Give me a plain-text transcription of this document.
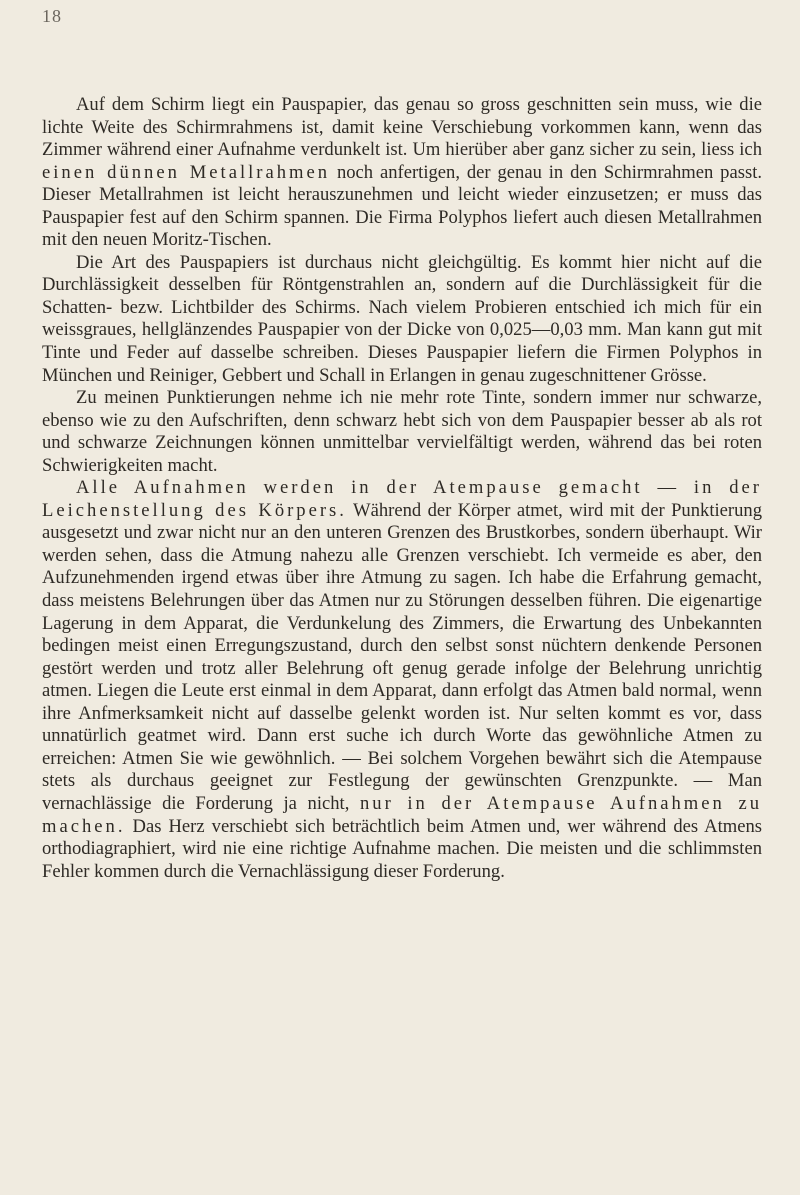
18

Auf dem Schirm liegt ein Pauspapier, das genau so gross geschnitten sein muss, wie die lichte Weite des Schirmrahmens ist, damit keine Verschiebung vorkommen kann, wenn das Zimmer während einer Aufnahme verdunkelt ist. Um hierüber aber ganz sicher zu sein, liess ich einen dünnen Metallrahmen noch anfertigen, der genau in den Schirmrahmen passt. Dieser Metallrahmen ist leicht herauszunehmen und leicht wieder einzusetzen; er muss das Pauspapier fest auf den Schirm spannen. Die Firma Polyphos liefert auch diesen Metallrahmen mit den neuen Moritz-Tischen.

Die Art des Pauspapiers ist durchaus nicht gleichgültig. Es kommt hier nicht auf die Durchlässigkeit desselben für Röntgenstrahlen an, sondern auf die Durchlässigkeit für die Schatten- bezw. Lichtbilder des Schirms. Nach vielem Probieren entschied ich mich für ein weissgraues, hellglänzendes Pauspapier von der Dicke von 0,025—0,03 mm. Man kann gut mit Tinte und Feder auf dasselbe schreiben. Dieses Pauspapier liefern die Firmen Polyphos in München und Reiniger, Gebbert und Schall in Erlangen in genau zugeschnittener Grösse.

Zu meinen Punktierungen nehme ich nie mehr rote Tinte, sondern immer nur schwarze, ebenso wie zu den Aufschriften, denn schwarz hebt sich von dem Pauspapier besser ab als rot und schwarze Zeichnungen können unmittelbar vervielfältigt werden, während das bei roten Schwierigkeiten macht.

Alle Aufnahmen werden in der Atempause gemacht — in der Leichenstellung des Körpers. Während der Körper atmet, wird mit der Punktierung ausgesetzt und zwar nicht nur an den unteren Grenzen des Brustkorbes, sondern überhaupt. Wir werden sehen, dass die Atmung nahezu alle Grenzen verschiebt. Ich vermeide es aber, den Aufzunehmenden irgend etwas über ihre Atmung zu sagen. Ich habe die Erfahrung gemacht, dass meistens Belehrungen über das Atmen nur zu Störungen desselben führen. Die eigenartige Lagerung in dem Apparat, die Verdunkelung des Zimmers, die Erwartung des Unbekannten bedingen meist einen Erregungszustand, durch den selbst sonst nüchtern denkende Personen gestört werden und trotz aller Belehrung oft genug gerade infolge der Belehrung unrichtig atmen. Liegen die Leute erst einmal in dem Apparat, dann erfolgt das Atmen bald normal, wenn ihre Anfmerksamkeit nicht auf dasselbe gelenkt worden ist. Nur selten kommt es vor, dass unnatürlich geatmet wird. Dann erst suche ich durch Worte das gewöhnliche Atmen zu erreichen: Atmen Sie wie gewöhnlich. — Bei solchem Vorgehen bewährt sich die Atempause stets als durchaus geeignet zur Festlegung der gewünschten Grenzpunkte. — Man vernachlässige die Forderung ja nicht, nur in der Atempause Aufnahmen zu machen. Das Herz verschiebt sich beträchtlich beim Atmen und, wer während des Atmens orthodiagraphiert, wird nie eine richtige Aufnahme machen. Die meisten und die schlimmsten Fehler kommen durch die Vernachlässigung dieser Forderung.
